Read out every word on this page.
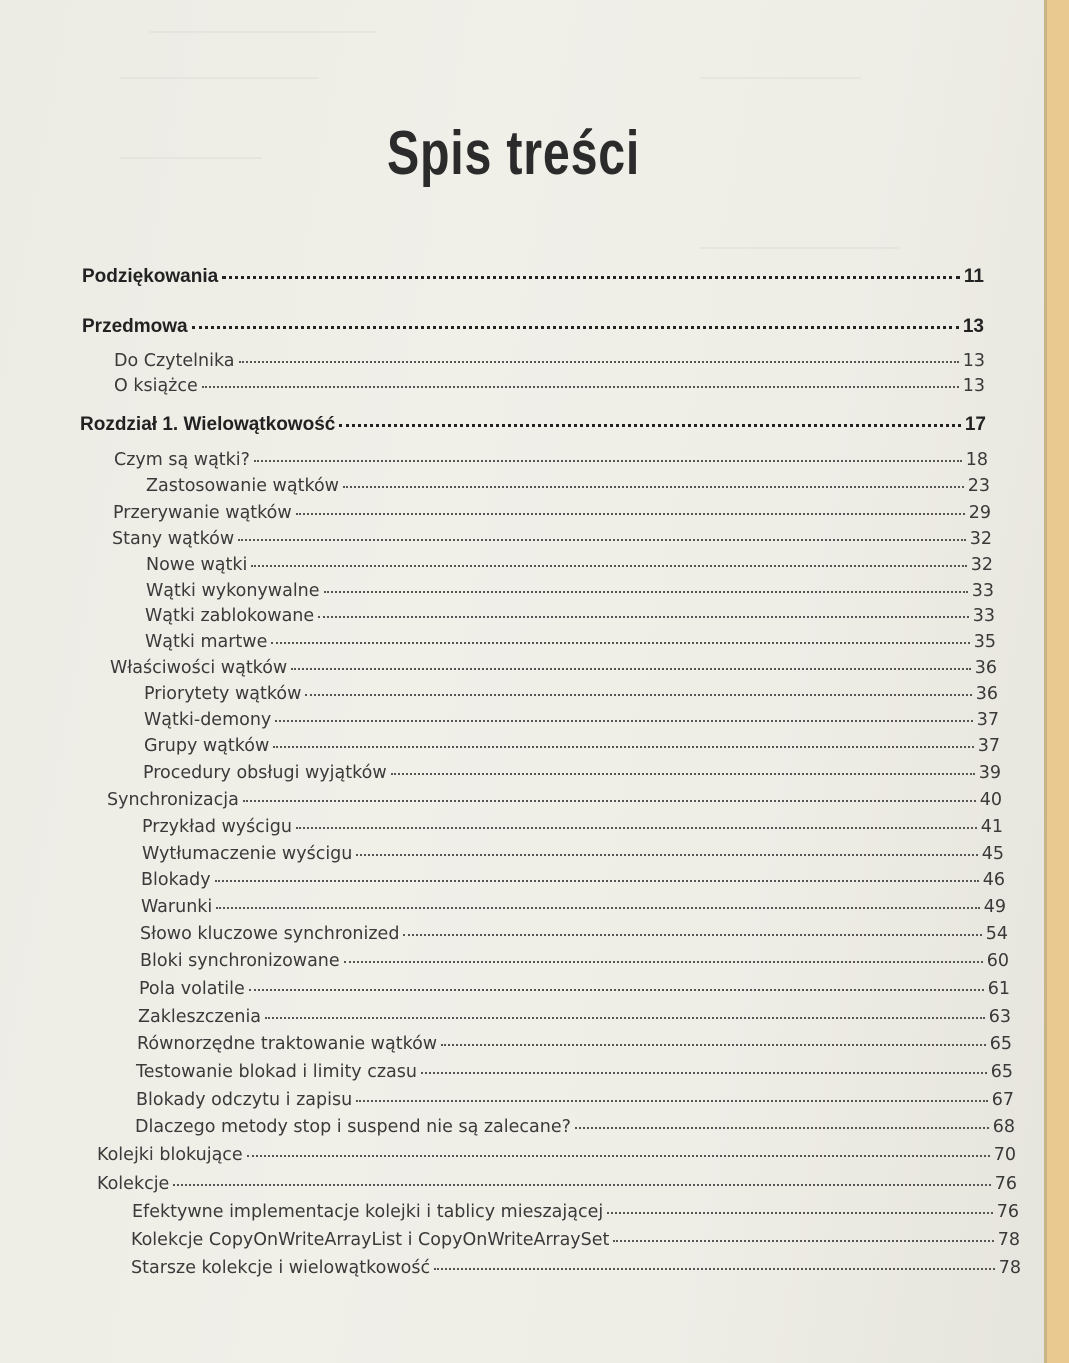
________________________
_____________________
_______________
_________________
_____________________
Spis treści
Podziękowania	11
Przedmowa	13
Do Czytelnika	13
O książce	13
Rozdział 1. Wielowątkowość	17
Czym są wątki?	18
Zastosowanie wątków	23
Przerywanie wątków	29
Stany wątków	32
Nowe wątki	32
Wątki wykonywalne	33
Wątki zablokowane	33
Wątki martwe	35
Właściwości wątków	36
Priorytety wątków	36
Wątki-demony	37
Grupy wątków	37
Procedury obsługi wyjątków	39
Synchronizacja	40
Przykład wyścigu	41
Wytłumaczenie wyścigu	45
Blokady	46
Warunki	49
Słowo kluczowe synchronized	54
Bloki synchronizowane	60
Pola volatile	61
Zakleszczenia	63
Równorzędne traktowanie wątków	65
Testowanie blokad i limity czasu	65
Blokady odczytu i zapisu	67
Dlaczego metody stop i suspend nie są zalecane?	68
Kolejki blokujące	70
Kolekcje	76
Efektywne implementacje kolejki i tablicy mieszającej	76
Kolekcje CopyOnWriteArrayList i CopyOnWriteArraySet	78
Starsze kolekcje i wielowątkowość	78
